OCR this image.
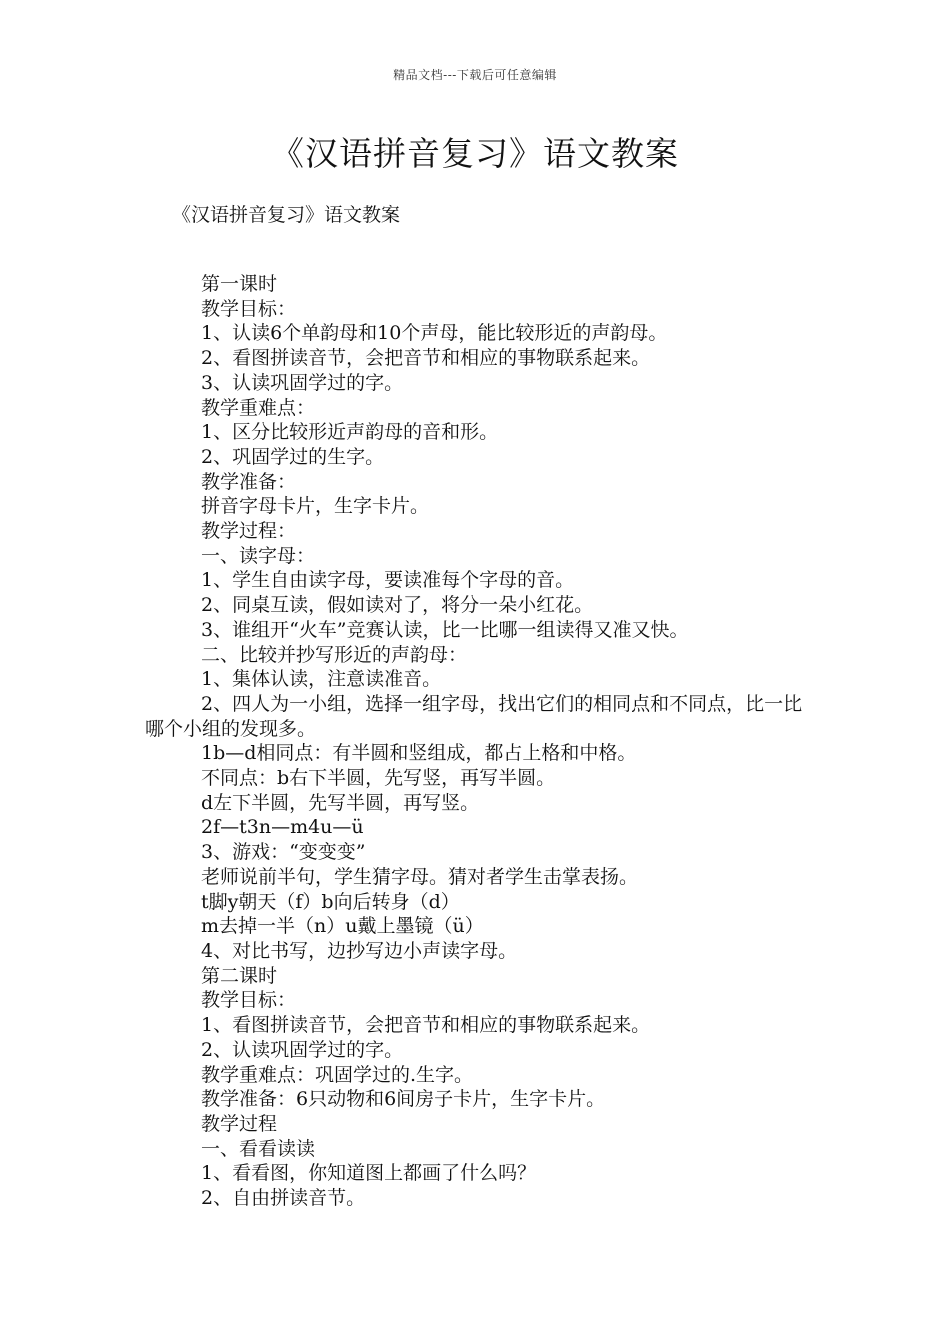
精品文档---下载后可任意编辑
《汉语拼音复习》语文教案

《汉语拼音复习》语文教案

第一课时
教学目标：
1、认读6个单韵母和10个声母，能比较形近的声韵母。
2、看图拼读音节，会把音节和相应的事物联系起来。
3、认读巩固学过的字。
教学重难点：
1、区分比较形近声韵母的音和形。
2、巩固学过的生字。
教学准备：
拼音字母卡片，生字卡片。
教学过程：
一、读字母：
1、学生自由读字母，要读准每个字母的音。
2、同桌互读，假如读对了，将分一朵小红花。
3、谁组开“火车”竞赛认读，比一比哪一组读得又准又快。
二、比较并抄写形近的声韵母：
1、集体认读，注意读准音。
2、四人为一小组，选择一组字母，找出它们的相同点和不同点，比一比哪个小组的发现多。
1b—d相同点：有半圆和竖组成，都占上格和中格。
不同点：b右下半圆，先写竖，再写半圆。
d左下半圆，先写半圆，再写竖。
2f—t3n—m4u—ü
3、游戏：“变变变”
老师说前半句，学生猜字母。猜对者学生击掌表扬。
t脚y朝天（f）b向后转身（d）
m去掉一半（n）u戴上墨镜（ü）
4、对比书写，边抄写边小声读字母。
第二课时
教学目标：
1、看图拼读音节，会把音节和相应的事物联系起来。
2、认读巩固学过的字。
教学重难点：巩固学过的.生字。
教学准备：6只动物和6间房子卡片，生字卡片。
教学过程
一、看看读读
1、看看图，你知道图上都画了什么吗？
2、自由拼读音节。
